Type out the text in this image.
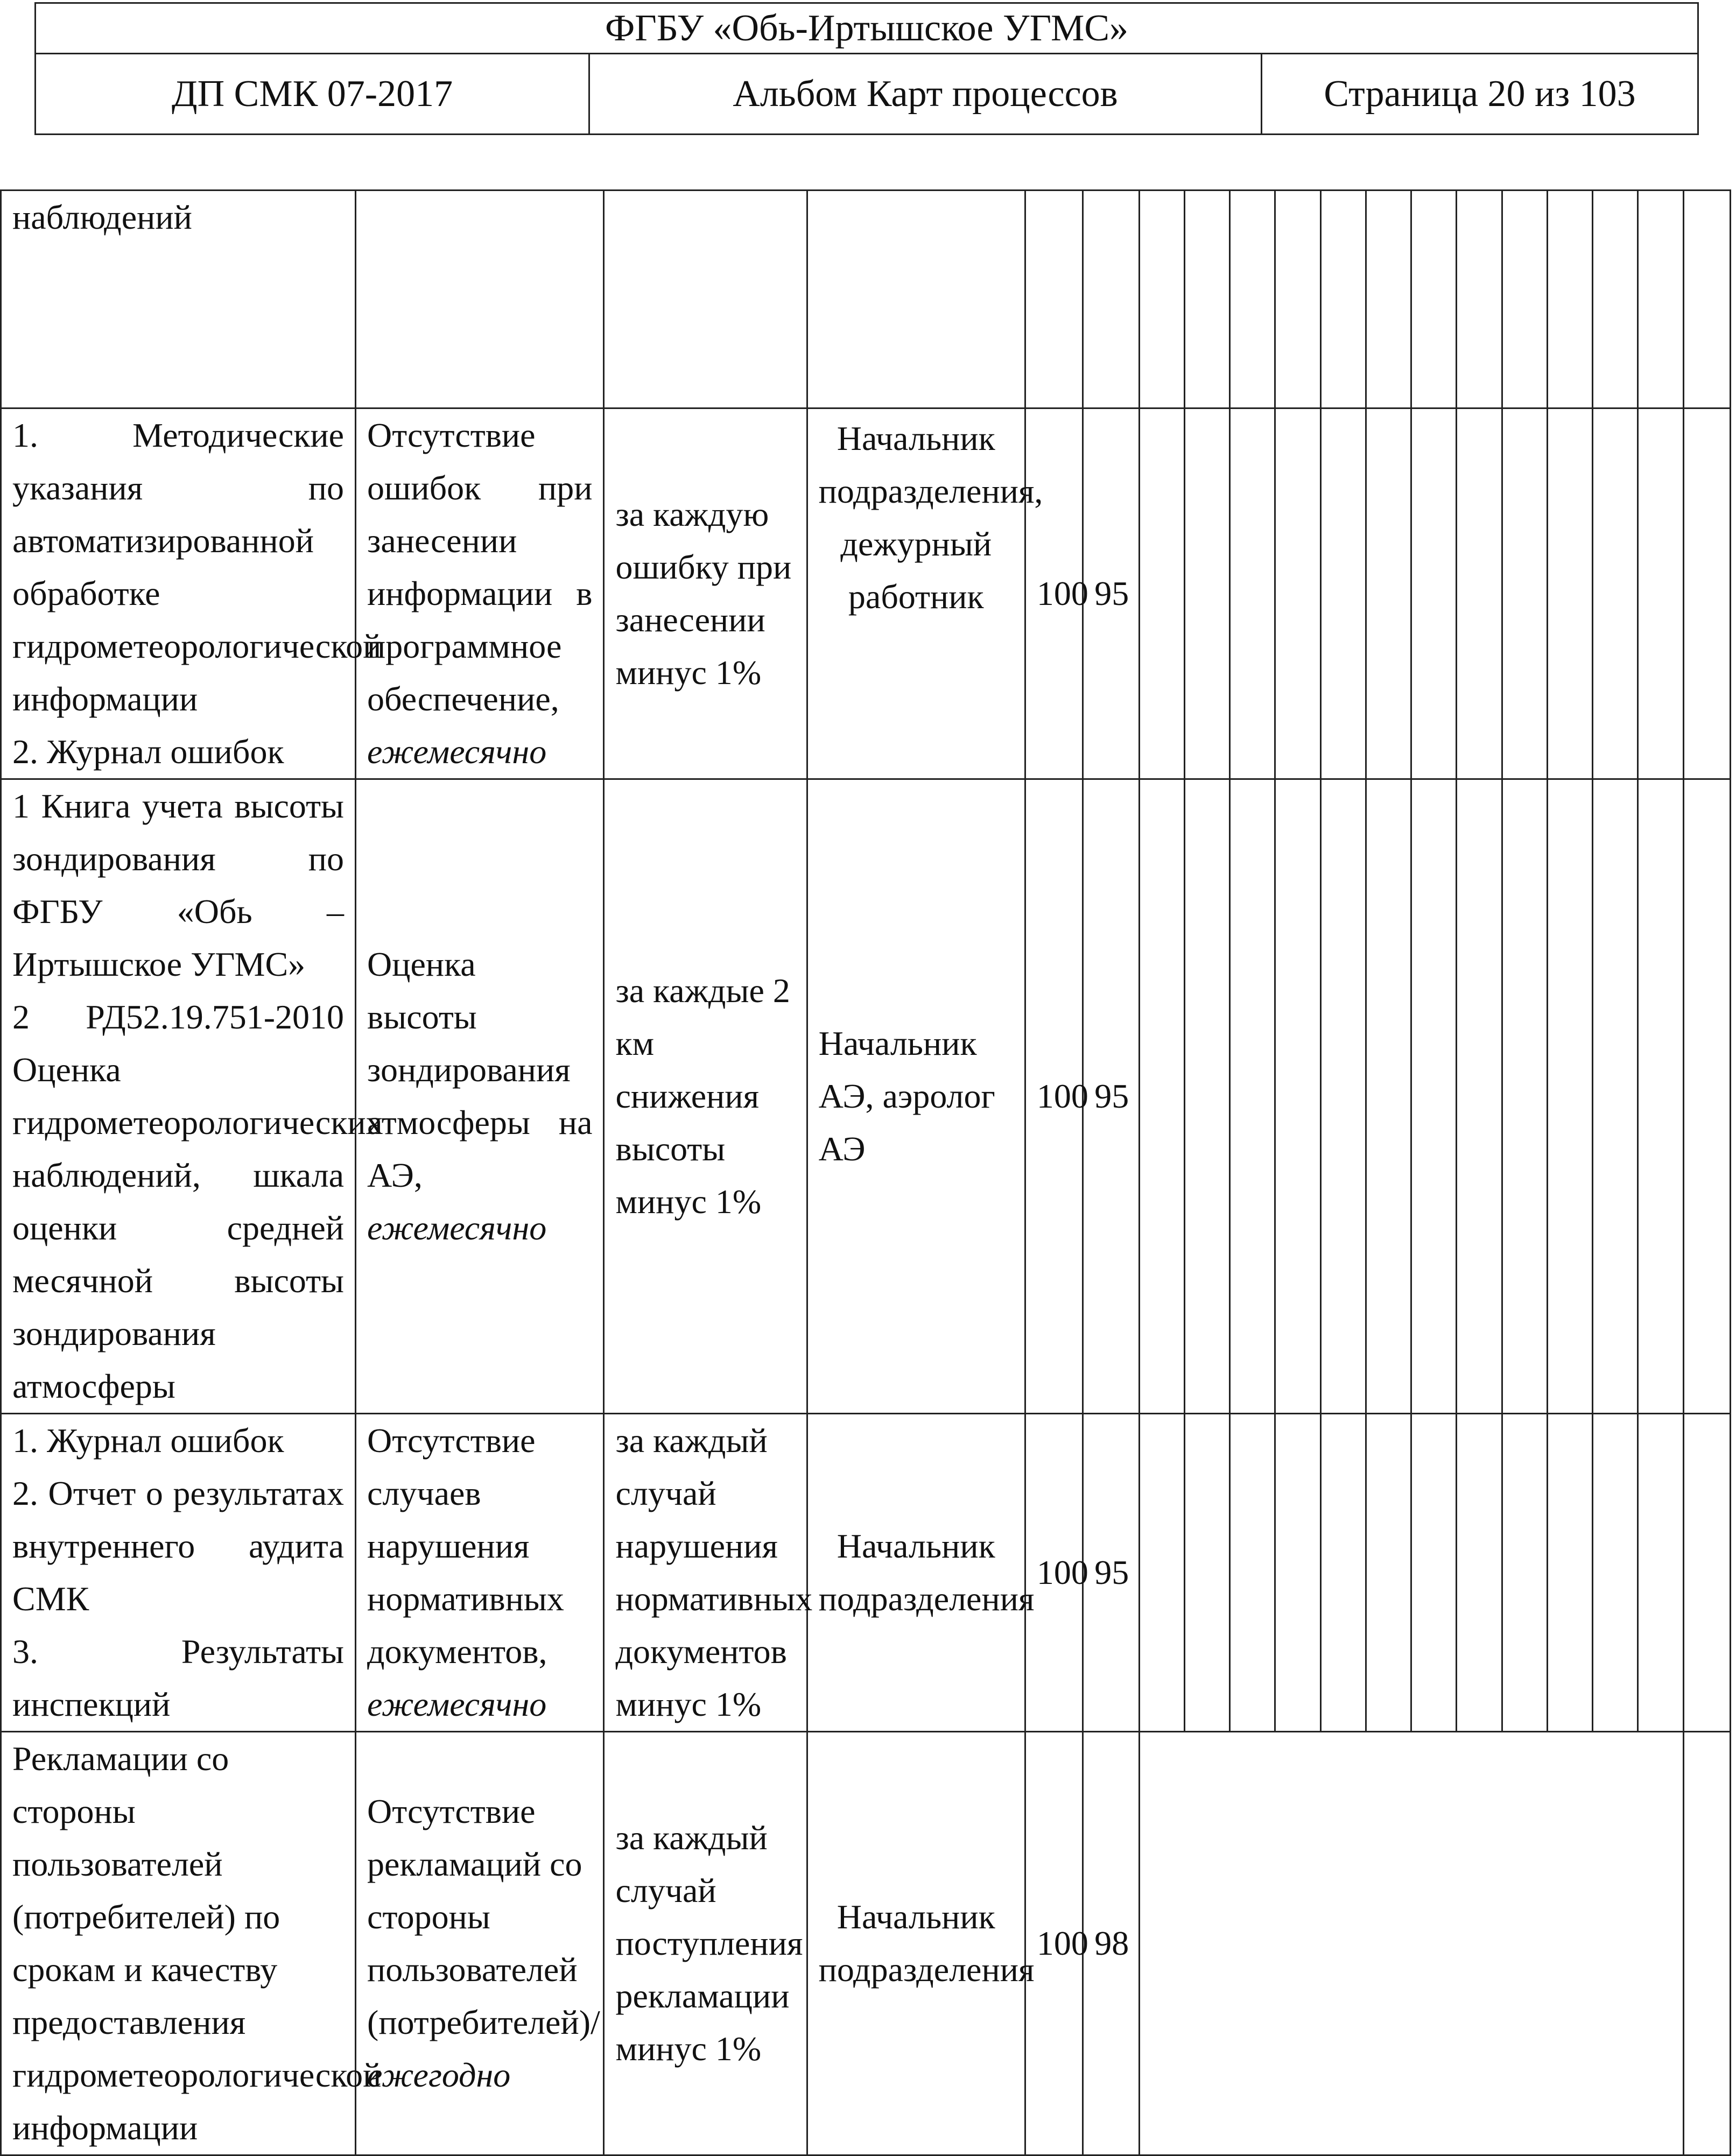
ФГБУ «Обь-Иртышское УГМС»
ДП СМК 07-2017	Альбом Карт процессов	Страница 20 из 103
наблюдений																		

1. Методические указания по автоматизированной обработке гидрометеорологической информации
2. Журнал ошибок	Отсутствие ошибок при занесении информации в программное обеспечение, ежемесячно	за каждую ошибку при занесении минус 1%	Начальник подразделения, дежурный работник	100	95													

1 Книга учета высоты зондирования по ФГБУ «Обь – Иртышское УГМС»
2 РД52.19.751-2010 Оценка гидрометеорологических наблюдений, шкала оценки средней месячной высоты зондирования атмосферы	Оценка высоты зондирования атмосферы на АЭ, ежемесячно	за каждые 2 км снижения высоты минус 1%	Начальник АЭ, аэролог АЭ	100	95													

1. Журнал ошибок
2. Отчет о результатах внутреннего аудита СМК
3. Результаты инспекций	Отсутствие случаев нарушения нормативных документов, ежемесячно	за каждый случай нарушения нормативных документов минус 1%	Начальник подразделения	100	95													
Рекламации со стороны пользователей (потребителей) по срокам и качеству предоставления гидрометеорологической информации	Отсутствие рекламаций со стороны пользователей (потребителей)/ ежегодно	за каждый случай поступления рекламации минус 1%	Начальник подразделения	100	98													
